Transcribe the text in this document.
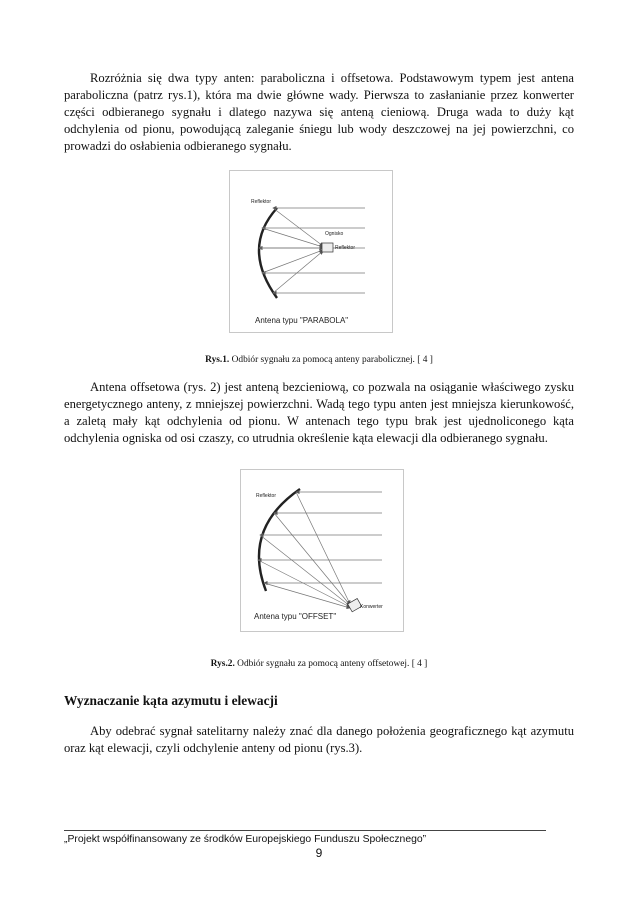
Rozróżnia się dwa typy anten: paraboliczna i offsetowa. Podstawowym typem jest antena paraboliczna (patrz rys.1), która ma dwie główne wady. Pierwsza to zasłanianie przez konwerter części odbieranego sygnału i dlatego nazywa się anteną cieniową. Druga wada to duży kąt odchylenia od pionu, powodującą zaleganie śniegu lub wody deszczowej na jej powierzchni, co prowadzi do osłabienia odbieranego sygnału.

Reflektor
Ognisko
Reflektor
Antena typu "PARABOLA"

Rys.1. Odbiór sygnału za pomocą anteny parabolicznej. [ 4 ]

Antena offsetowa (rys. 2) jest anteną bezcieniową, co pozwala na osiąganie właściwego zysku energetycznego anteny, z mniejszej powierzchni. Wadą tego typu anten jest mniejsza kierunkowość, a zaletą mały kąt odchylenia od pionu. W antenach tego typu brak jest ujednoliconego kąta odchylenia ogniska od osi czaszy, co utrudnia określenie kąta elewacji dla odbieranego sygnału.

Reflektor
Konwerter
Antena typu "OFFSET"

Rys.2. Odbiór sygnału za pomocą anteny offsetowej. [ 4 ]

Wyznaczanie kąta azymutu i elewacji

Aby odebrać sygnał satelitarny należy znać dla danego położenia geograficznego kąt azymutu oraz kąt elewacji, czyli odchylenie anteny od pionu (rys.3).

„Projekt współfinansowany ze środków Europejskiego Funduszu Społecznego”

9
